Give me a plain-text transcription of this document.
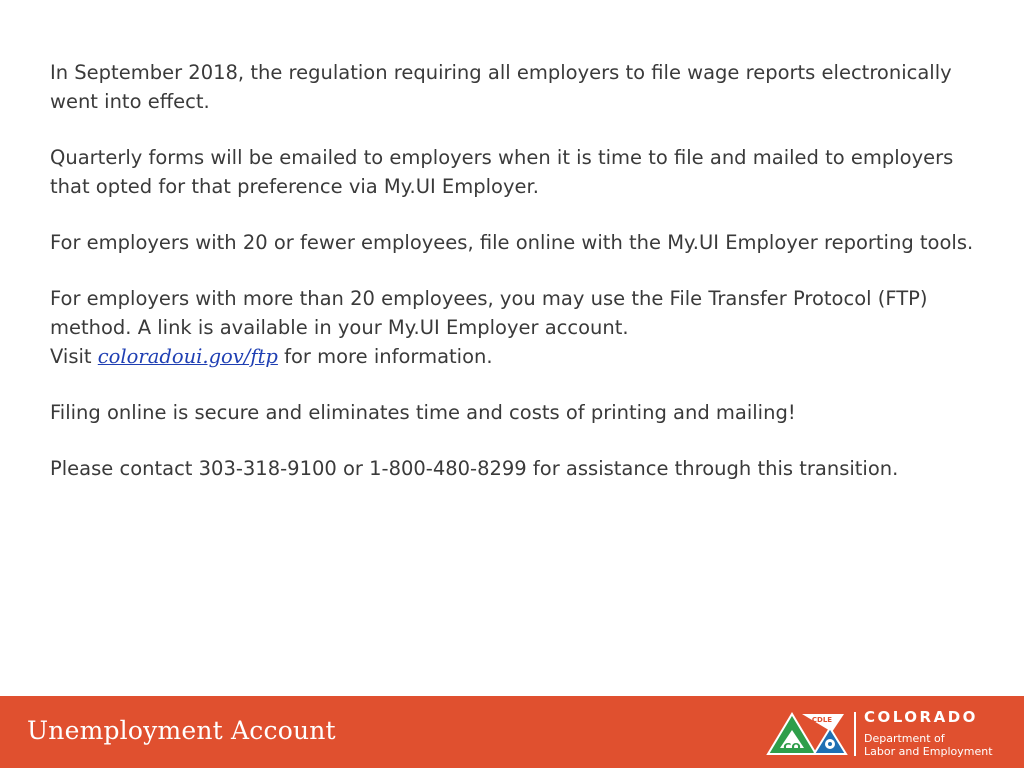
In September 2018, the regulation requiring all employers to file wage reports electronically went into effect.

Quarterly forms will be emailed to employers when it is time to file and mailed to employers that opted for that preference via My.UI Employer.

For employers with 20 or fewer employees, file online with the My.UI Employer reporting tools.

For employers with more than 20 employees, you may use the File Transfer Protocol (FTP) method. A link is available in your My.UI Employer account.
Visit coloradoui.gov/ftp for more information.

Filing online is secure and eliminates time and costs of printing and mailing!

Please contact 303-318-9100 or 1-800-480-8299 for assistance through this transition.

Unemployment Account	CDLE
CO
COLORADO
Department of
Labor and Employment
